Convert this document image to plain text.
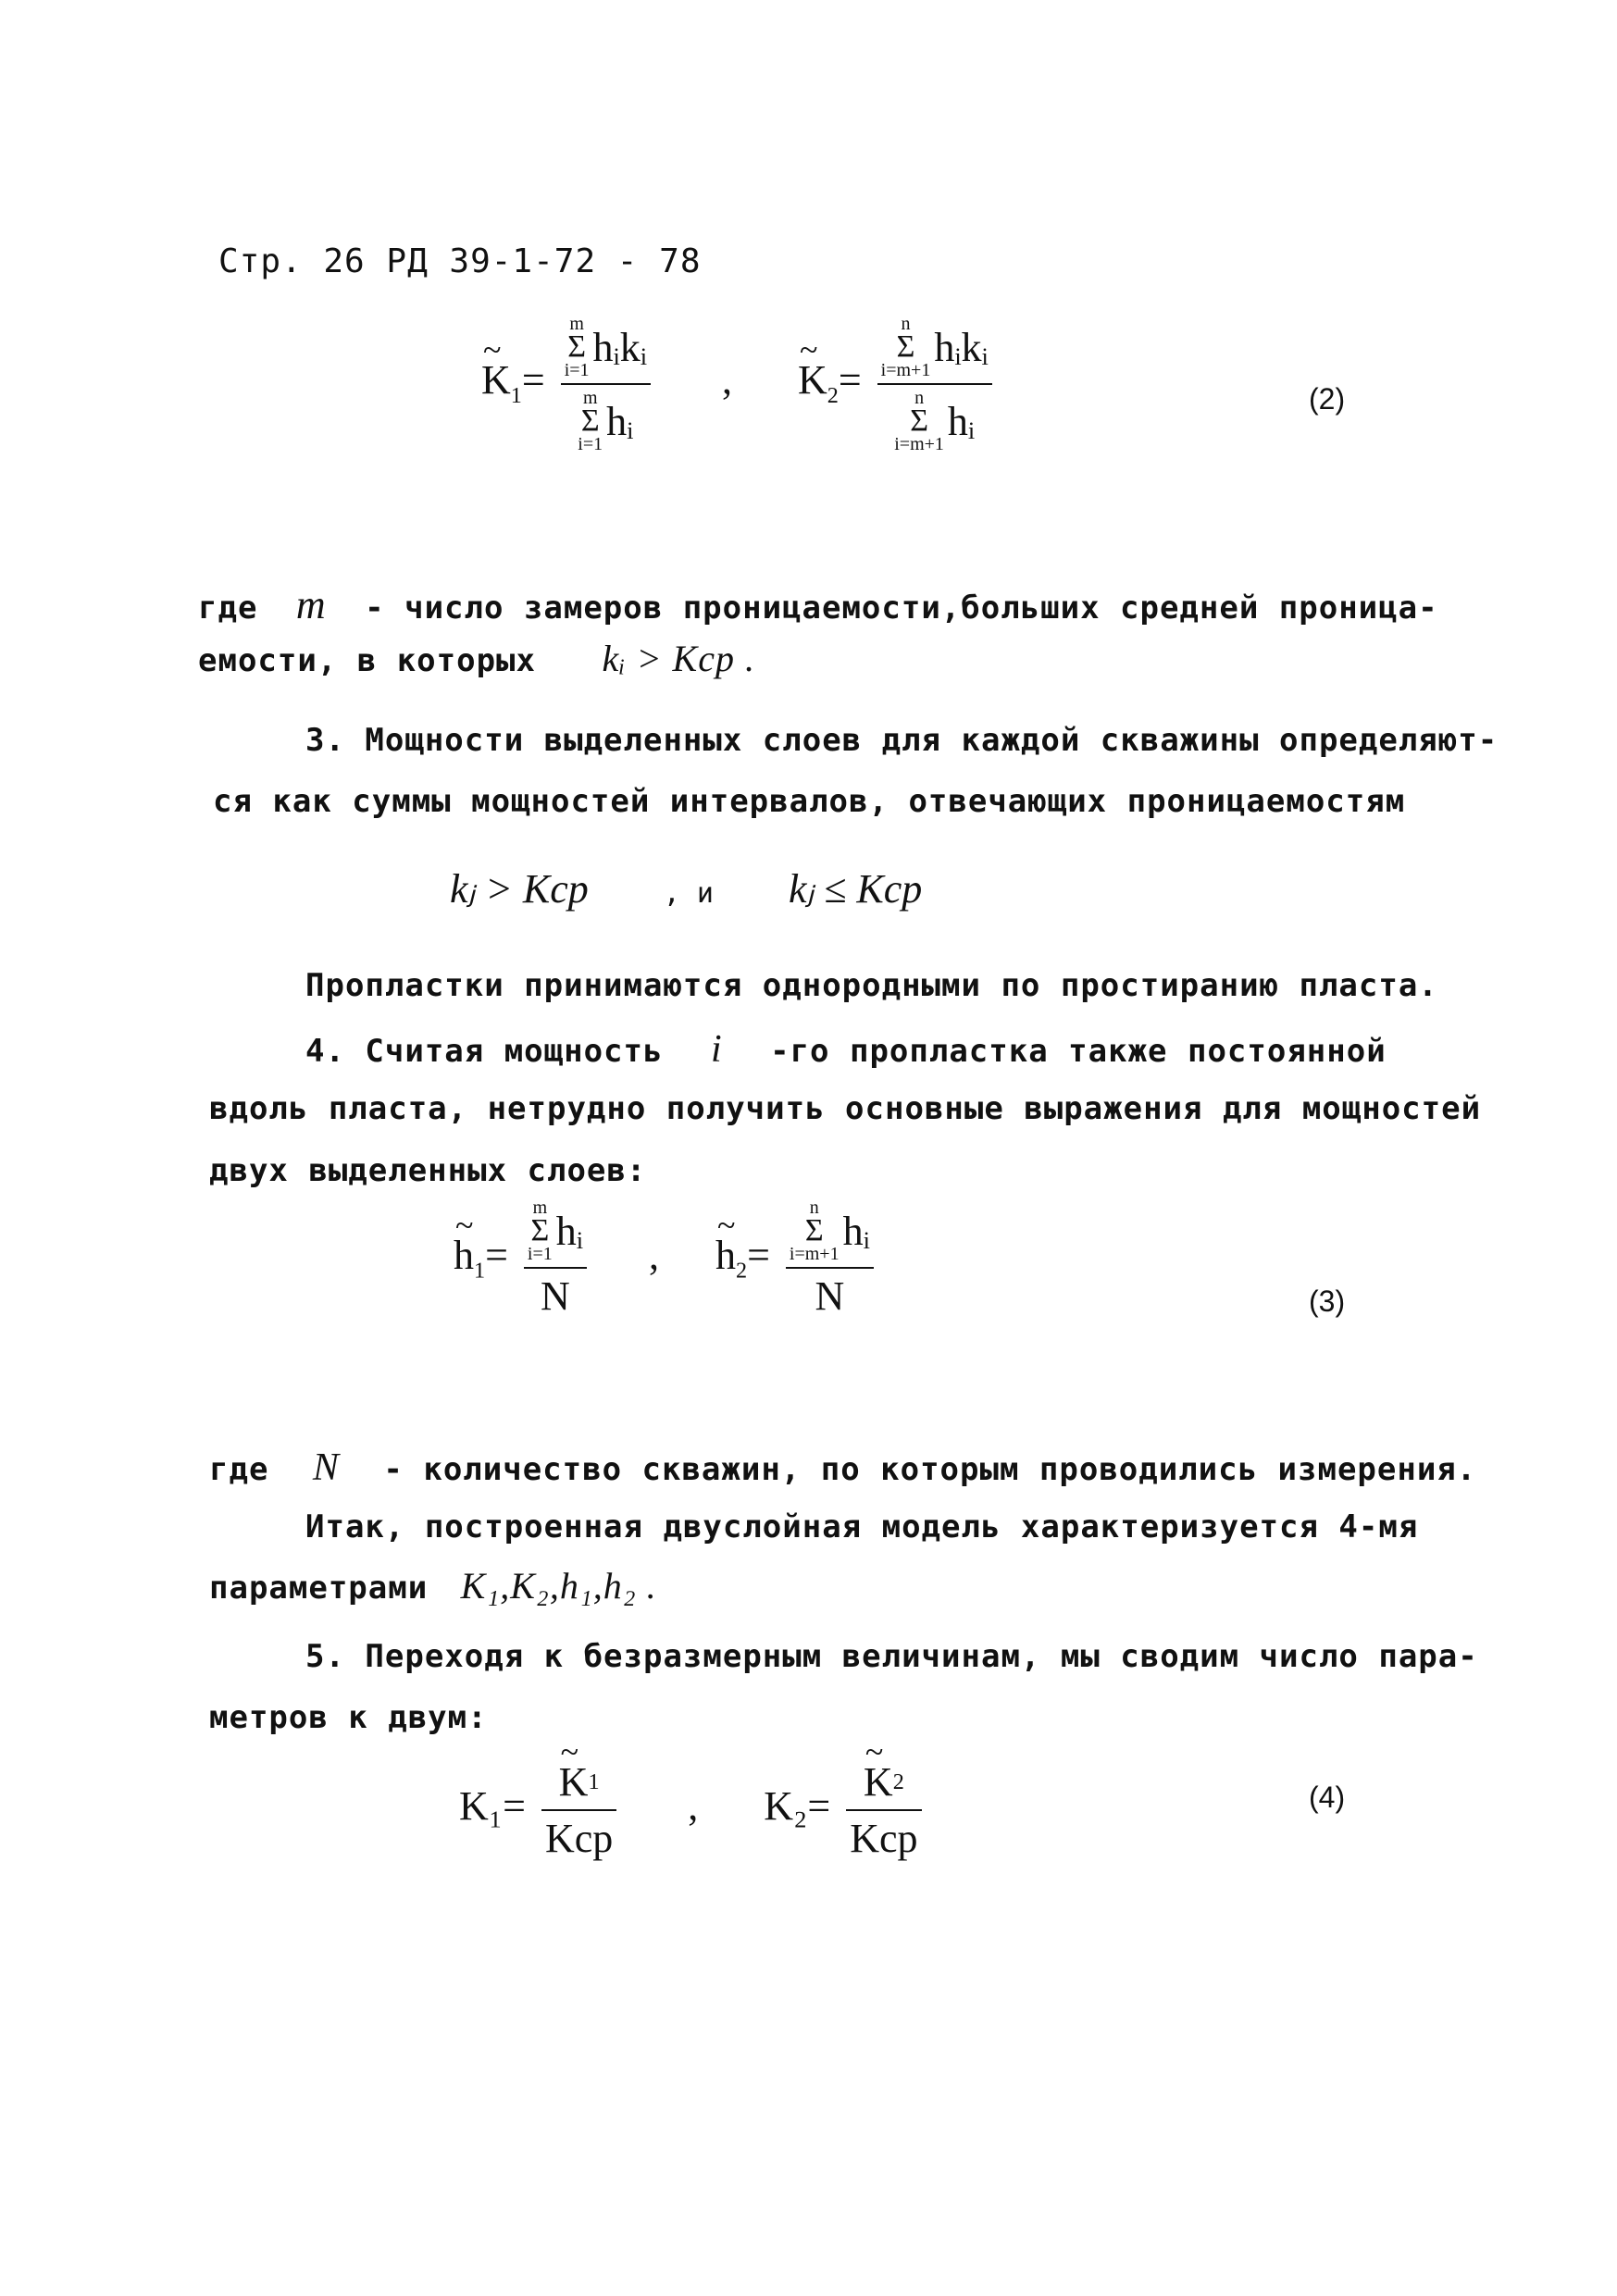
Стр. 26 РД 39-1-72 - 78
~ $K_1= m$
Σ
i=1
hᵢkᵢ
m
Σ
i=1
hᵢ , ~ $K_2= n$
Σ
i=m+1
hᵢkᵢ
n
Σ
i=m+1
hᵢ	(2)
где m - число замеров проницаемости,больших средней проница-
емости, в которых kᵢ > Kср .
3. Мощности выделенных слоев для каждой скважины определяют-
ся как суммы мощностей интервалов, отвечающих проницаемостям
kⱼ > Kср	, и kⱼ ≤ Kср
Пропластки принимаются однородными по простиранию пласта.
4. Считая мощность i -го пропластка также постоянной
вдоль пласта, нетрудно получить основные выражения для мощностей
двух выделенных слоев:
~ $h_1= m$
Σ
i=1
hᵢ
N , ~ $h_2= n$
Σ
i=m+1
hᵢ
N	(3)
где N - количество скважин, по которым проводились измерения.
Итак, построенная двуслойная модель характеризуется 4-мя
параметрами K₁,K₂,h₁,h₂ .
5. Переходя к безразмерным величинам, мы сводим число пара-
метров к двум:
K₁= ~ $\frac{K 1}{\text{Kср}}$ , K₂= ~ $\frac{K 2}{\text{Kср}}$	(4)
